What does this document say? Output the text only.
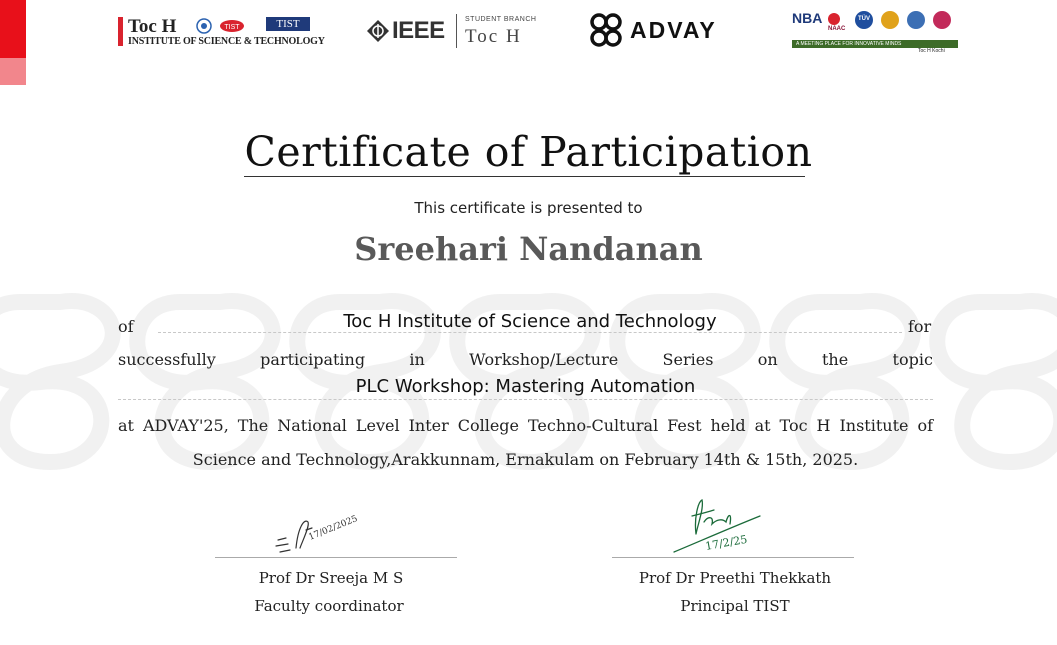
Toc H	TIST	TIST
INSTITUTE OF SCIENCE & TECHNOLOGY	IEEE	STUDENT BRANCH
Toc H	ADVAY	NBA
NAAC
TÜV
A MEETING PLACE FOR INNOVATIVE MINDS
Toc H Kochi
Certificate of Participation
This certificate is presented to
Sreehari Nandanan
of	Toc H Institute of Science and Technology	for
successfully	participating	in	Workshop/Lecture	Series	on	the	topic
PLC Workshop: Mastering Automation
at ADVAY'25, The National Level Inter College Techno-Cultural Fest held at Toc H Institute of
Science and Technology,Arakkunnam, Ernakulam on February 14th & 15th, 2025.
17/02/2025
Prof Dr Sreeja M S
Faculty coordinator
17/2/25
Prof Dr Preethi Thekkath
Principal TIST
